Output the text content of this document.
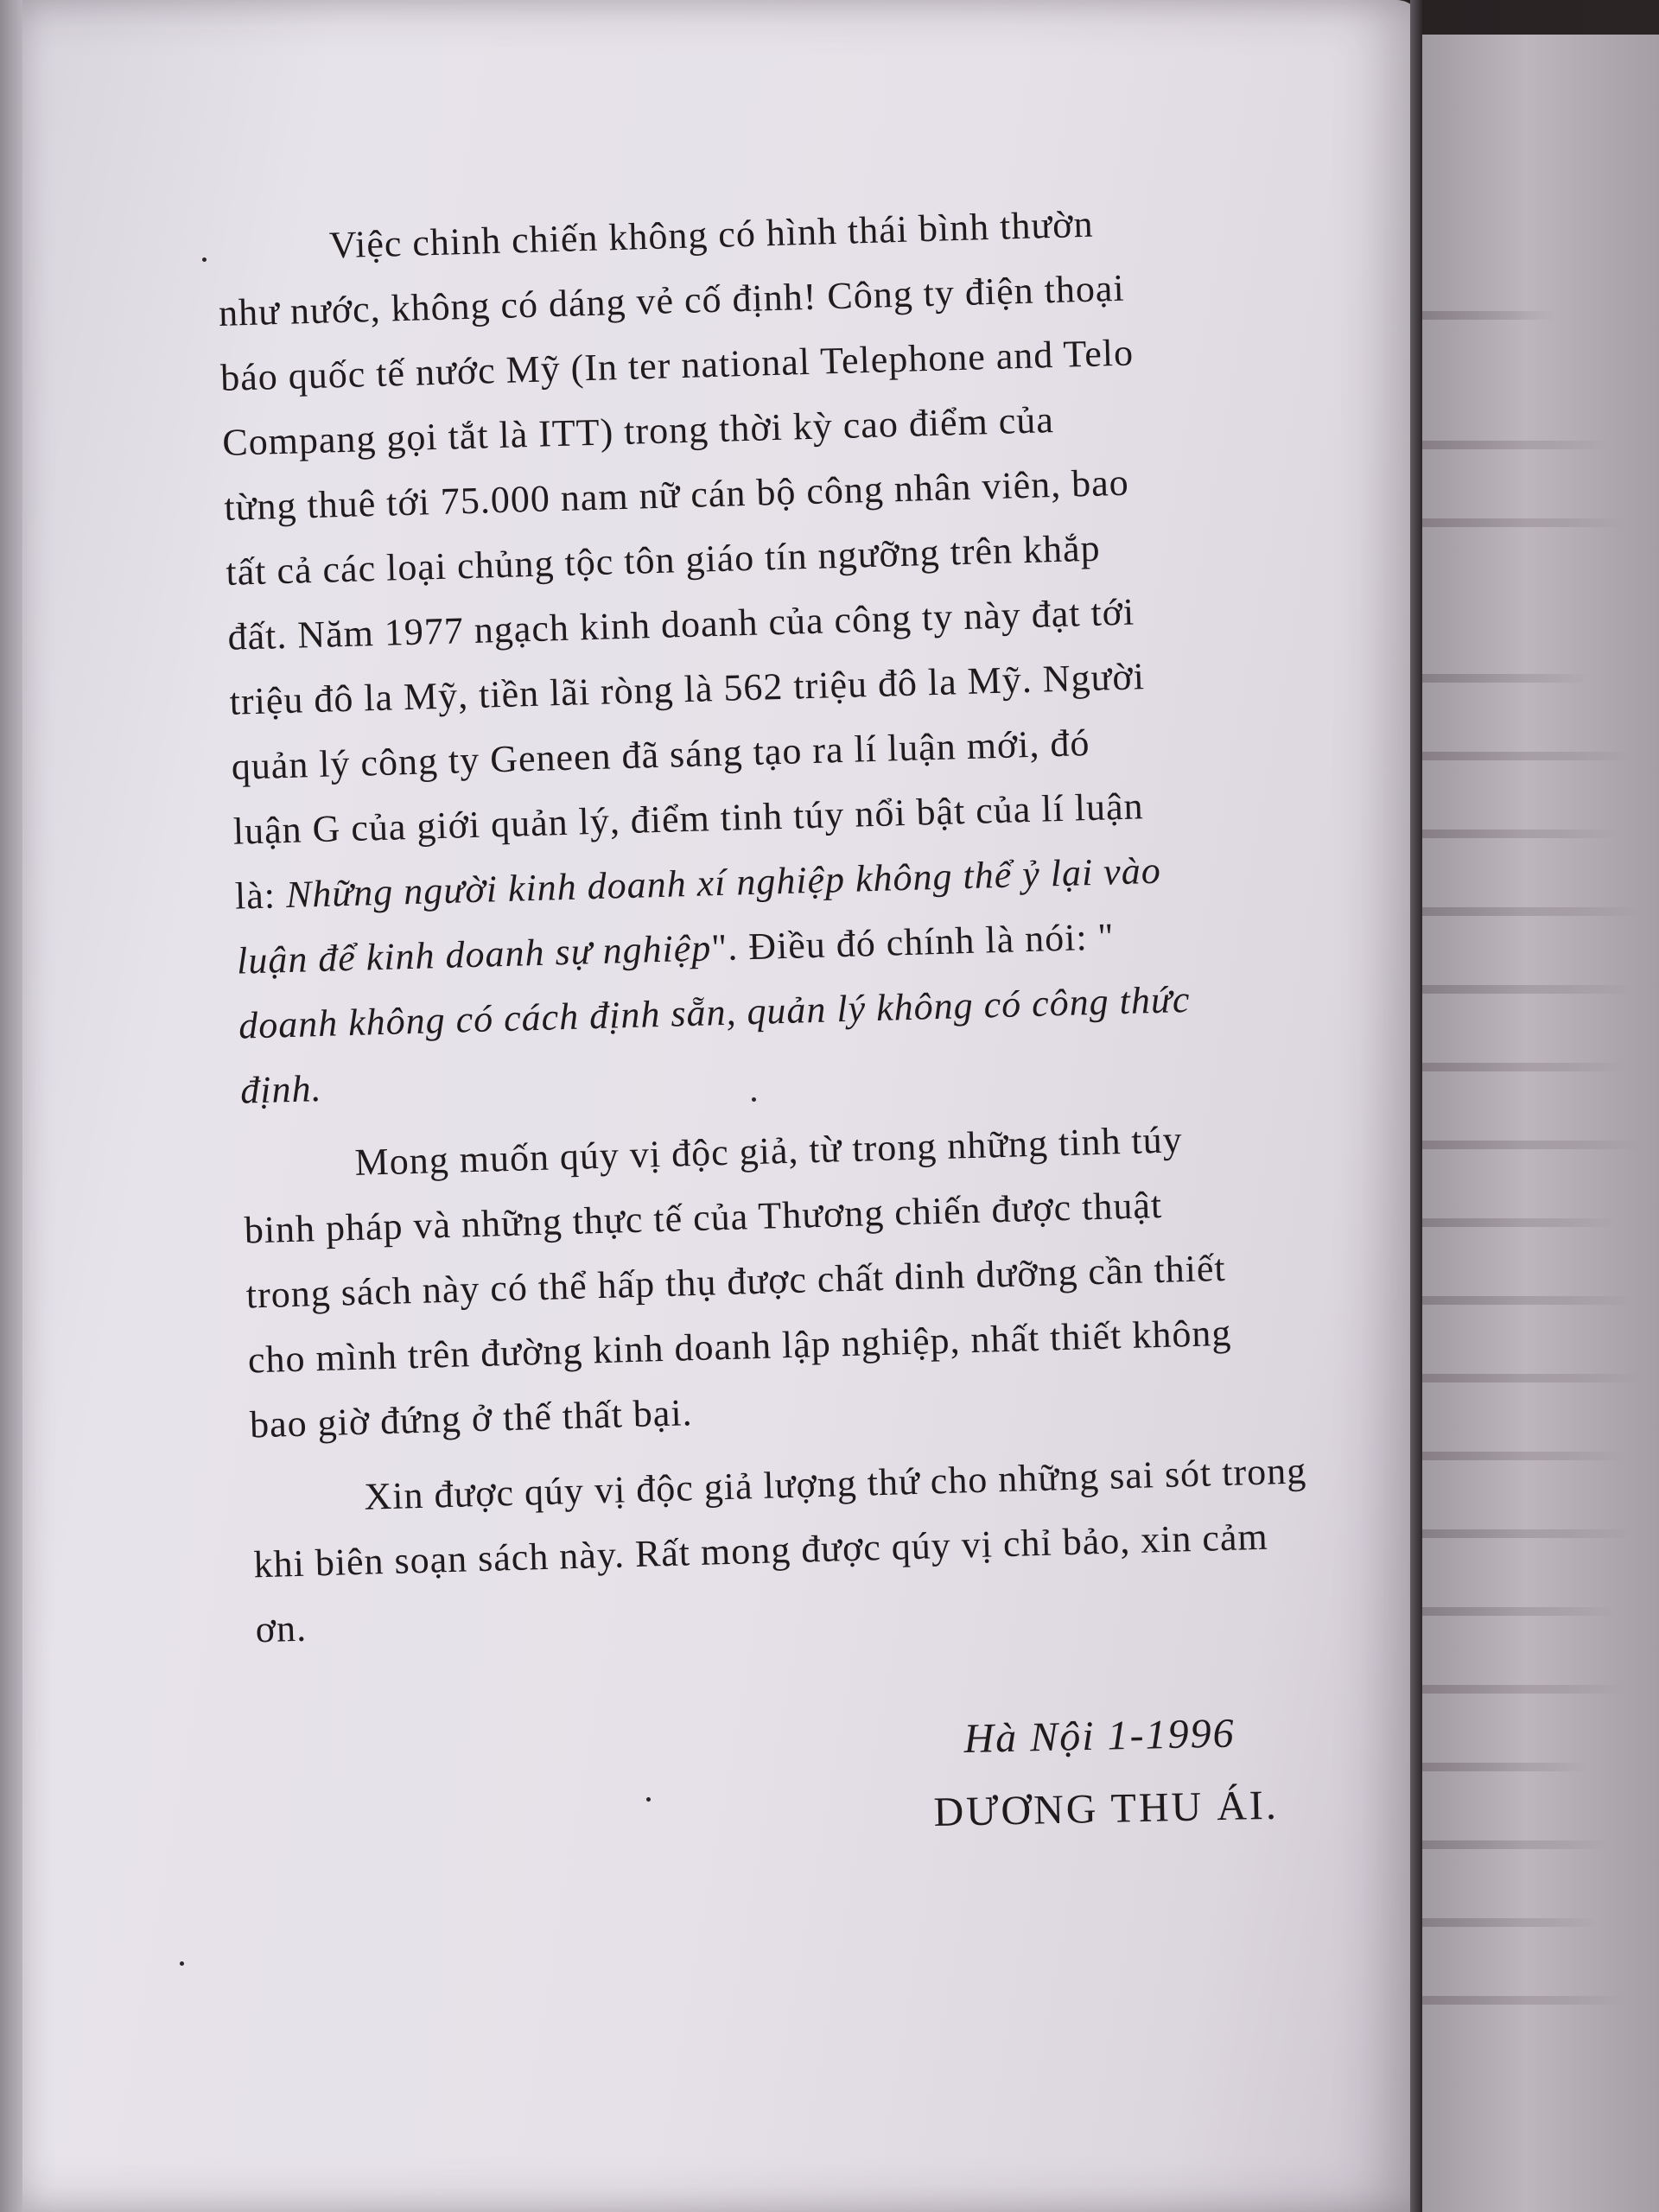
Việc chinh chiến không có hình thái bình thườn
như nước, không có dáng vẻ cố định! Công ty điện thoại
báo quốc tế nước Mỹ (In ter national Telephone and Telo
Compang gọi tắt là ITT) trong thời kỳ cao điểm của
từng thuê tới 75.000 nam nữ cán bộ công nhân viên, bao
tất cả các loại chủng tộc tôn giáo tín ngưỡng trên khắp
đất. Năm 1977 ngạch kinh doanh của công ty này đạt tới
triệu đô la Mỹ, tiền lãi ròng là 562 triệu đô la Mỹ. Người
quản lý công ty Geneen đã sáng tạo ra lí luận mới, đó
luận G của giới quản lý, điểm tinh túy nổi bật của lí luận
là: Những người kinh doanh xí nghiệp không thể ỷ lại vào
luận để kinh doanh sự nghiệp". Điều đó chính là nói: "
doanh không có cách định sẵn, quản lý không có công thức
định.
Mong muốn qúy vị độc giả, từ trong những tinh túy
binh pháp và những thực tế của Thương chiến được thuật
trong sách này có thể hấp thụ được chất dinh dưỡng cần thiết
cho mình trên đường kinh doanh lập nghiệp, nhất thiết không
bao giờ đứng ở thế thất bại.
Xin được qúy vị độc giả lượng thứ cho những sai sót trong
khi biên soạn sách này. Rất mong được qúy vị chỉ bảo, xin cảm
ơn.
Hà Nội 1-1996
DƯƠNG THU ÁI.
